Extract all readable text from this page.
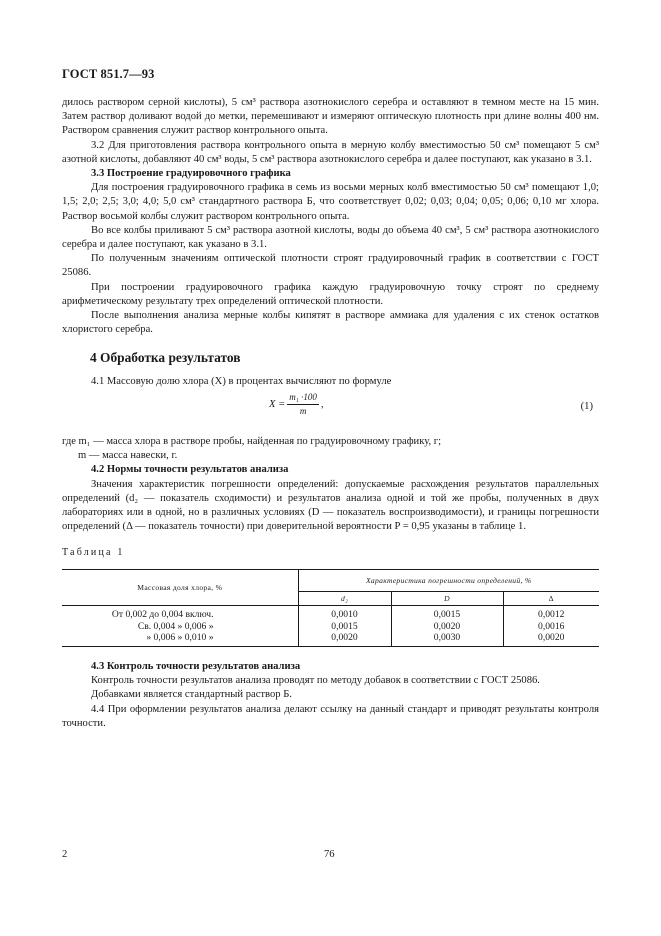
ГОСТ 851.7—93

дилось раствором серной кислоты), 5 см³ раствора азотнокислого серебра и оставляют в темном месте на 15 мин. Затем раствор доливают водой до метки, перемешивают и измеряют оптическую плотность при длине волны 400 нм. Раствором сравнения служит раствор контрольного опыта.

3.2 Для приготовления раствора контрольного опыта в мерную колбу вместимостью 50 см³ помещают 5 см³ азотной кислоты, добавляют 40 см³ воды, 5 см³ раствора азотнокислого серебра и далее поступают, как указано в 3.1.

3.3 Построение градуировочного графика

Для построения градуировочного графика в семь из восьми мерных колб вместимостью 50 см³ помещают 1,0; 1,5; 2,0; 2,5; 3,0; 4,0; 5,0 см³ стандартного раствора Б, что соответствует 0,02; 0,03; 0,04; 0,05; 0,06; 0,10 мг хлора. Раствор восьмой колбы служит раствором контрольного опыта.

Во все колбы приливают 5 см³ раствора азотной кислоты, воды до объема 40 см³, 5 см³ раствора азотнокислого серебра и далее поступают, как указано в 3.1.

По полученным значениям оптической плотности строят градуировочный график в соответствии с ГОСТ 25086.

При построении градуировочного графика каждую градуировочную точку строят по среднему арифметическому результату трех определений оптической плотности.

После выполнения анализа мерные колбы кипятят в растворе аммиака для удаления с их стенок остатков хлористого серебра.

4 Обработка результатов

4.1 Массовую долю хлора (X) в процентах вычисляют по формуле

$X = \frac{\text{m₁ ·100}}{m}$ ,	(1)

где m₁ — масса хлора в растворе пробы, найденная по градуировочному графику, г;

m — масса навески, г.

4.2 Нормы точности результатов анализа

Значения характеристик погрешности определений: допускаемые расхождения результатов параллельных определений (d₂ — показатель сходимости) и результатов анализа одной и той же пробы, полученных в двух лабораториях или в одной, но в различных условиях (D — показатель воспроизводимости), и границы погрешности определений (Δ — показатель точности) при доверительной вероятности P = 0,95 указаны в таблице 1.

Таблица 1
Массовая доля хлора, %	Характеристика погрешности определений, %		
	d₂	D	Δ
От 0,002 до 0,004 включ.	0,0010	0,0015	0,0012
Св. 0,004 » 0,006 »	0,0015	0,0020	0,0016
» 0,006 » 0,010 »	0,0020	0,0030	0,0020

4.3 Контроль точности результатов анализа

Контроль точности результатов анализа проводят по методу добавок в соответствии с ГОСТ 25086.

Добавками является стандартный раствор Б.

4.4 При оформлении результатов анализа делают ссылку на данный стандарт и приводят результаты контроля точности.

2	76
